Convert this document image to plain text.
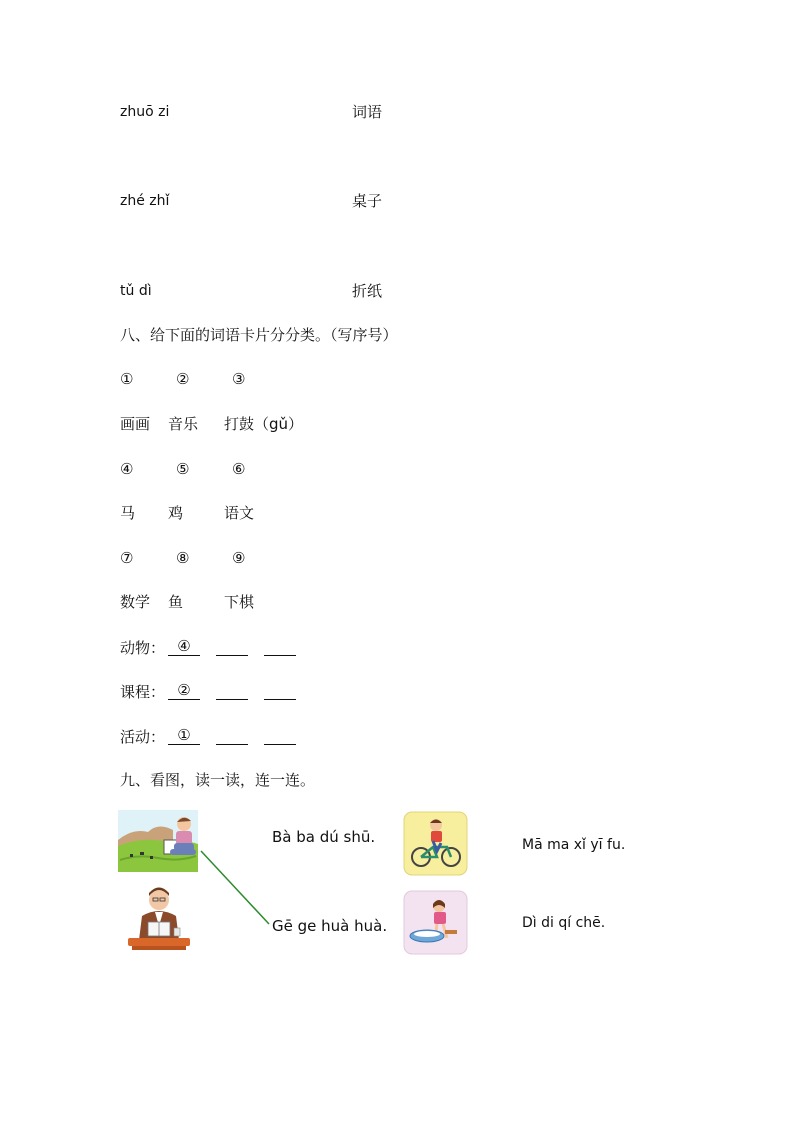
zhuō zi	词语
zhé zhǐ	桌子
tǔ dì	折纸
八、给下面的词语卡片分分类。（写序号）
①	②	③
画画 音乐 打鼓（gǔ）
④	⑤	⑥
马 鸡	语文
⑦	⑧	⑨
数学 鱼	下棋
动物： ④
课程： ②
活动： ①
九、看图，读一读，连一连。
Bà ba dú shū.
Gē ge huà huà.
Mā ma xǐ yī fu.
Dì di qí chē.
